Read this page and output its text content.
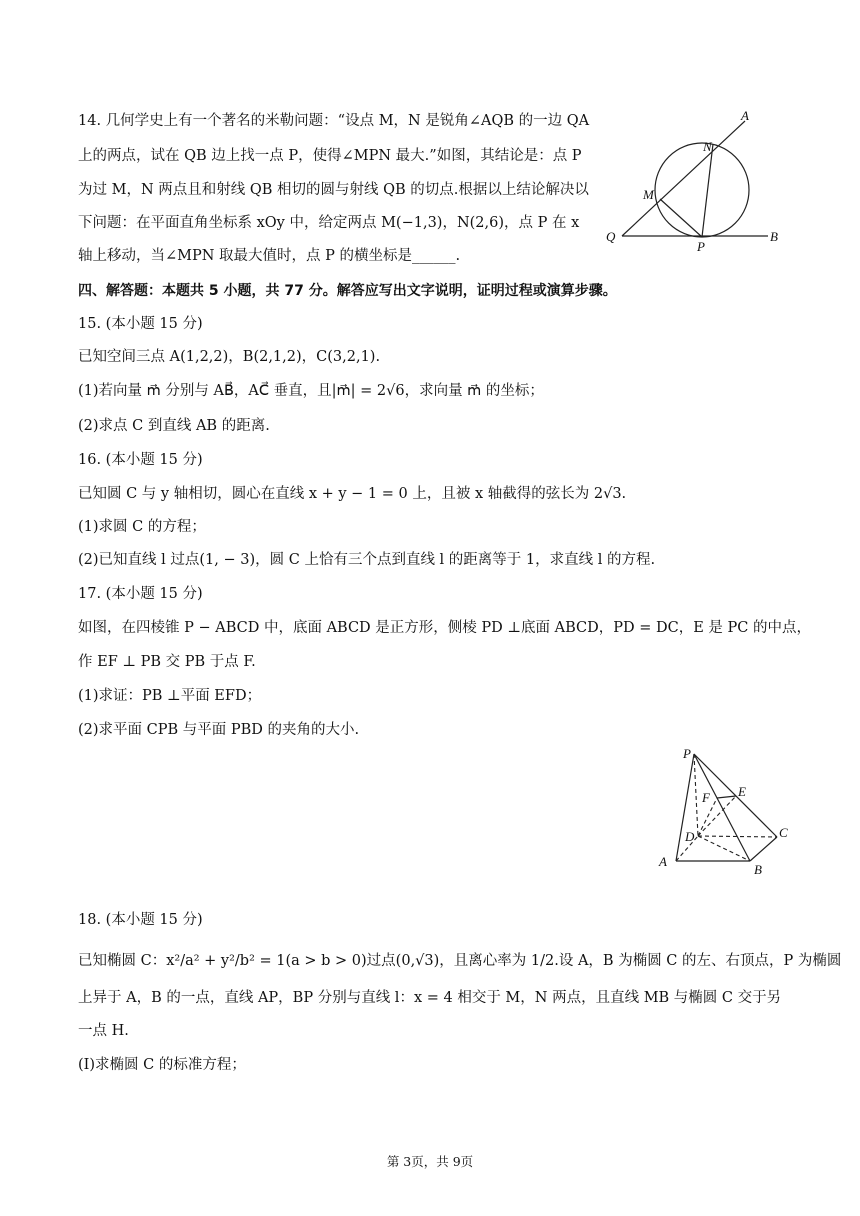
14. 几何学史上有一个著名的米勒问题：“设点 M，N 是锐角∠AQB 的一边 QA
上的两点，试在 QB 边上找一点 P，使得∠MPN 最大.”如图，其结论是：点 P
为过 M，N 两点且和射线 QB 相切的圆与射线 QB 的切点.根据以上结论解决以
下问题：在平面直角坐标系 xOy 中，给定两点 M(−1,3)，N(2,6)，点 P 在 x
轴上移动，当∠MPN 取最大值时，点 P 的横坐标是______.
A
N
M
Q
P
B
四、解答题：本题共 5 小题，共 77 分。解答应写出文字说明，证明过程或演算步骤。
15. (本小题 15 分)
已知空间三点 A(1,2,2)，B(2,1,2)，C(3,2,1).
(1)若向量 m⃗ 分别与 AB⃗，AC⃗ 垂直，且|m⃗| = 2√6，求向量 m⃗ 的坐标；
(2)求点 C 到直线 AB 的距离.
16. (本小题 15 分)
已知圆 C 与 y 轴相切，圆心在直线 x + y − 1 = 0 上，且被 x 轴截得的弦长为 2√3.
(1)求圆 C 的方程；
(2)已知直线 l 过点(1, − 3)，圆 C 上恰有三个点到直线 l 的距离等于 1，求直线 l 的方程.
17. (本小题 15 分)
如图，在四棱锥 P − ABCD 中，底面 ABCD 是正方形，侧棱 PD ⊥底面 ABCD，PD = DC，E 是 PC 的中点，
作 EF ⊥ PB 交 PB 于点 F.
(1)求证：PB ⊥平面 EFD；
(2)求平面 CPB 与平面 PBD 的夹角的大小.
P
F E
D	C
A
B
18. (本小题 15 分)
已知椭圆 C：x²/a² + y²/b² = 1(a > b > 0)过点(0,√3)，且离心率为 1/2.设 A，B 为椭圆 C 的左、右顶点，P 为椭圆
上异于 A，B 的一点，直线 AP，BP 分别与直线 l：x = 4 相交于 M，N 两点，且直线 MB 与椭圆 C 交于另
一点 H.
(Ⅰ)求椭圆 C 的标准方程；
第 3页，共 9页
